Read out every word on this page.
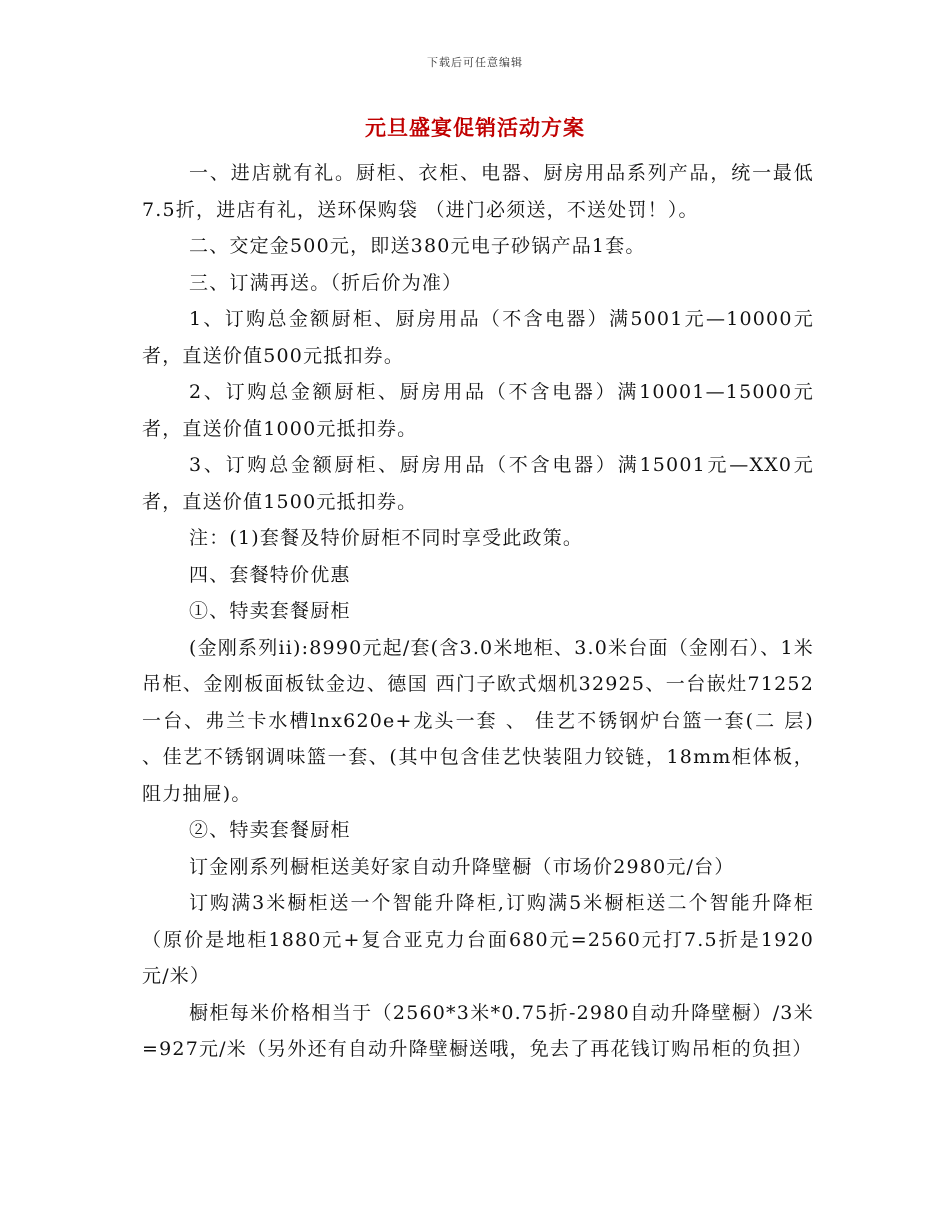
下载后可任意编辑
元旦盛宴促销活动方案

一、进店就有礼。厨柜、衣柜、电器、厨房用品系列产品，统一最低7.5折，进店有礼，送环保购袋 （进门必须送，不送处罚！）。

二、交定金500元，即送380元电子砂锅产品1套。

三、订满再送。（折后价为准）

1、订购总金额厨柜、厨房用品（不含电器）满5001元—10000元者，直送价值500元抵扣券。

2、订购总金额厨柜、厨房用品（不含电器）满10001—15000元者，直送价值1000元抵扣券。

3、订购总金额厨柜、厨房用品（不含电器）满15001元—XX0元者，直送价值1500元抵扣券。

注：(1)套餐及特价厨柜不同时享受此政策。

四、套餐特价优惠

①、特卖套餐厨柜

(金刚系列ii):8990元起/套(含3.0米地柜、3.0米台面（金刚石）、1米吊柜、金刚板面板钛金边、德国 西门子欧式烟机32925、一台嵌灶71252一台、弗兰卡水槽lnx620e+龙头一套 、 佳艺不锈钢炉台篮一套(二 层) 、佳艺不锈钢调味篮一套、(其中包含佳艺快装阻力铰链，18mm柜体板，阻力抽屉)。

②、特卖套餐厨柜

订金刚系列橱柜送美好家自动升降壁橱（市场价2980元/台）

订购满3米橱柜送一个智能升降柜,订购满5米橱柜送二个智能升降柜（原价是地柜1880元+复合亚克力台面680元=2560元打7.5折是1920 元/米）

橱柜每米价格相当于（2560*3米*0.75折-2980自动升降壁橱）/3米=927元/米（另外还有自动升降壁橱送哦，免去了再花钱订购吊柜的负担）
